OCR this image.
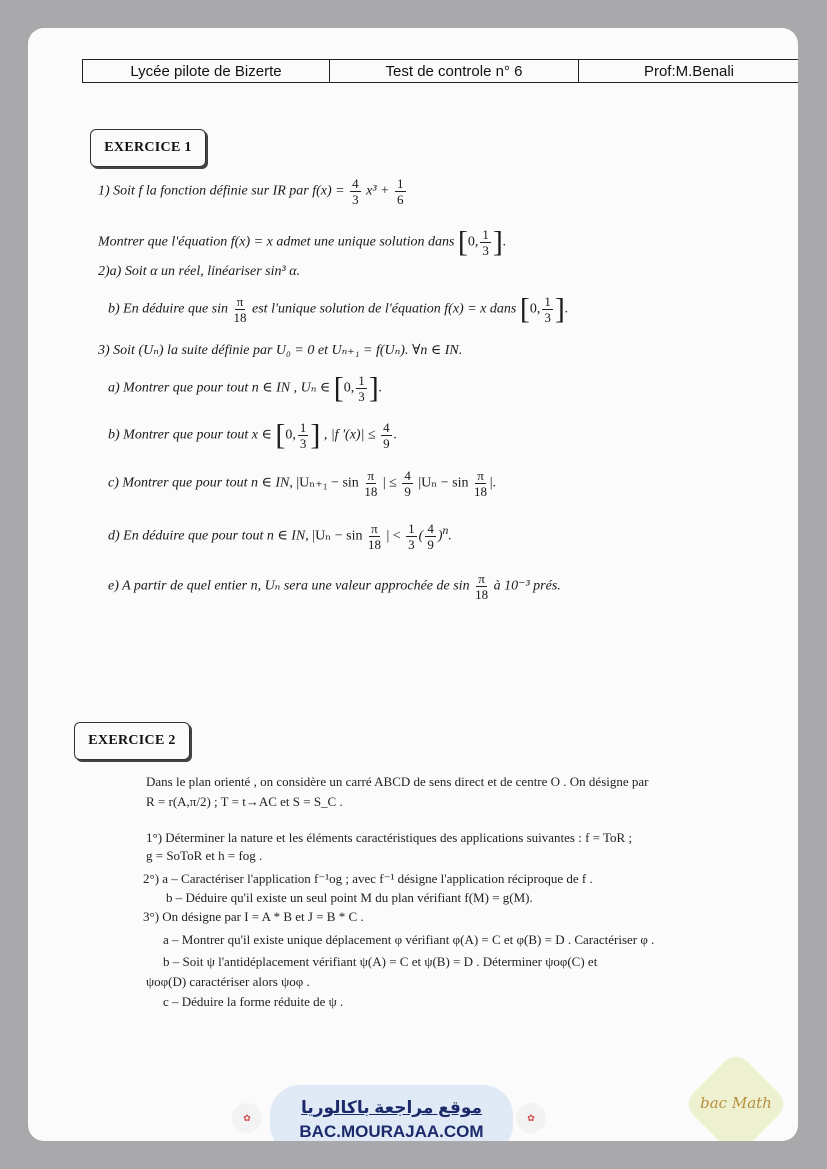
Lycée pilote de Bizerte	Test de controle n° 6	Prof:M.Benali
EXERCICE 1
1) Soit f la fonction définie sur IR par $f(x) = \frac{4}{3} x^3 + \frac{1}{6}$
Montrer que l'équation f(x) = x admet une unique solution dans [0, $\frac{1}{3}$ ].
2)a) Soit α un réel, linéariser sin³ α.
b) En déduire que $\sin \frac{\pi}{18}$ est l'unique solution de l'équation f(x) = x dans [0, $\frac{1}{3}$ ].
3) Soit (Uₙ) la suite définie par U₀ = 0 et Uₙ₊₁ = f(Uₙ). ∀n ∈ IN.
a) Montrer que pour tout n ∈ IN , Uₙ ∈ [0, $\frac{1}{3}$ ].
b) Montrer que pour tout x ∈ [0, $\frac{1}{3}$ ] , |f '$(x)| \le \frac{4}{9}$ .
c) Montrer que pour tout n ∈ IN, $|U_{n+1} - \sin \frac{\pi}{18}$ | ≤ $\frac{4}{9} |U_n - \sin \frac{\pi}{18}$ |.
d) En déduire que pour tout n ∈ IN, $|U_n - \sin \frac{\pi}{18}$ | < $\frac{1}{3}$ ( $\frac{4}{9} )^n$.
e) A partir de quel entier n, Uₙ sera une valeur approchée de $\sin \frac{\pi}{18}$ à 10⁻³ prés.
EXERCICE 2
Dans le plan orienté , on considère un carré ABCD de sens direct et de centre O . On désigne par
R = r(A,π/2) ; T = t→AC et S = S_C .
1°) Déterminer la nature et les éléments caractéristiques des applications suivantes : f = ToR ;
g = SoToR et h = fog .
2°) a – Caractériser l'application f⁻¹og ; avec f⁻¹ désigne l'application réciproque de f .
b – Déduire qu'il existe un seul point M du plan vérifiant f(M) = g(M).
3°) On désigne par I = A * B et J = B * C .
a – Montrer qu'il existe unique déplacement φ vérifiant φ(A) = C et φ(B) = D . Caractériser φ .
b – Soit ψ l'antidéplacement vérifiant ψ(A) = C et ψ(B) = D . Déterminer ψoφ(C) et
ψoφ(D) caractériser alors ψoφ .
c – Déduire la forme réduite de ψ .
✿
موقع مراجعة باكالوريا
BAC.MOURAJAA.COM
✿
bac Math
